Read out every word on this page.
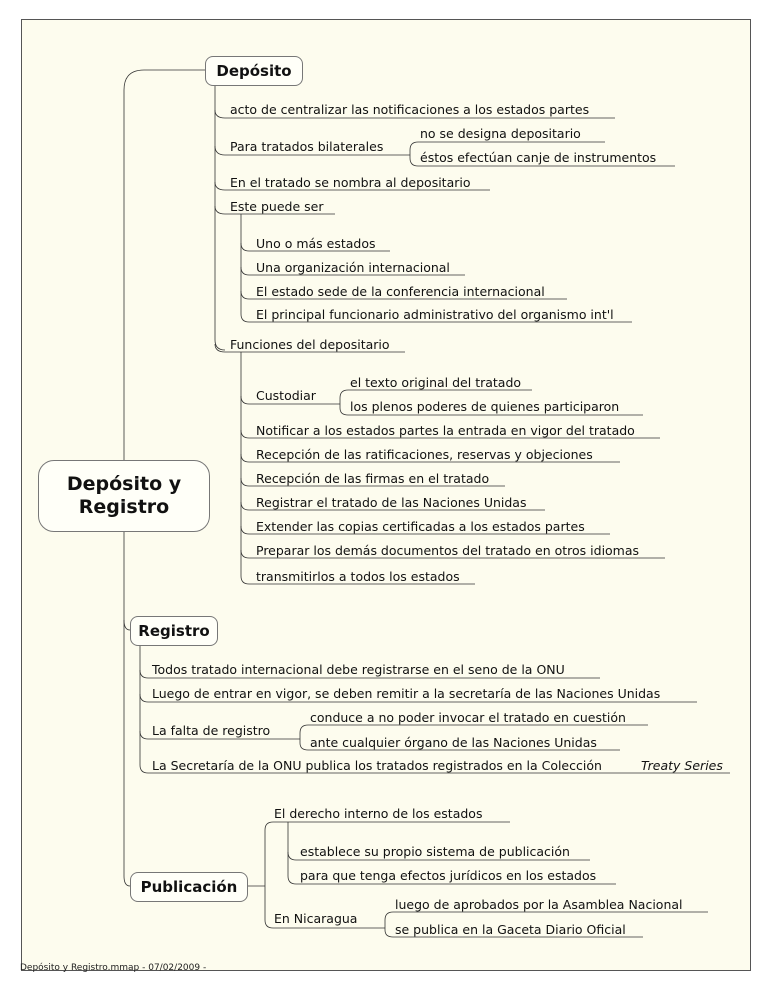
Depósito y
Registro
Depósito
Registro
Publicación
acto de centralizar las notificaciones a los estados partes
Para tratados bilaterales
no se designa depositario
éstos efectúan canje de instrumentos
En el tratado se nombra al depositario
Este puede ser
Uno o más estados
Una organización internacional
El estado sede de la conferencia internacional
El principal funcionario administrativo del organismo int'l
Funciones del depositario
Custodiar
el texto original del tratado
los plenos poderes de quienes participaron
Notificar a los estados partes la entrada en vigor del tratado
Recepción de las ratificaciones, reservas y objeciones
Recepción de las firmas en el tratado
Registrar el tratado de las Naciones Unidas
Extender las copias certificadas a los estados partes
Preparar los demás documentos del tratado en otros idiomas
transmitirlos a todos los estados
Todos tratado internacional debe registrarse en el seno de la ONU
Luego de entrar en vigor, se deben remitir a la secretaría de las Naciones Unidas
La falta de registro
conduce a no poder invocar el tratado en cuestión
ante cualquier órgano de las Naciones Unidas
La Secretaría de la ONU publica los tratados registrados en la Colección	Treaty Series
El derecho interno de los estados
establece su propio sistema de publicación
para que tenga efectos jurídicos en los estados
En Nicaragua
luego de aprobados por la Asamblea Nacional
se publica en la Gaceta Diario Oficial
Depósito y Registro.mmap - 07/02/2009 -
